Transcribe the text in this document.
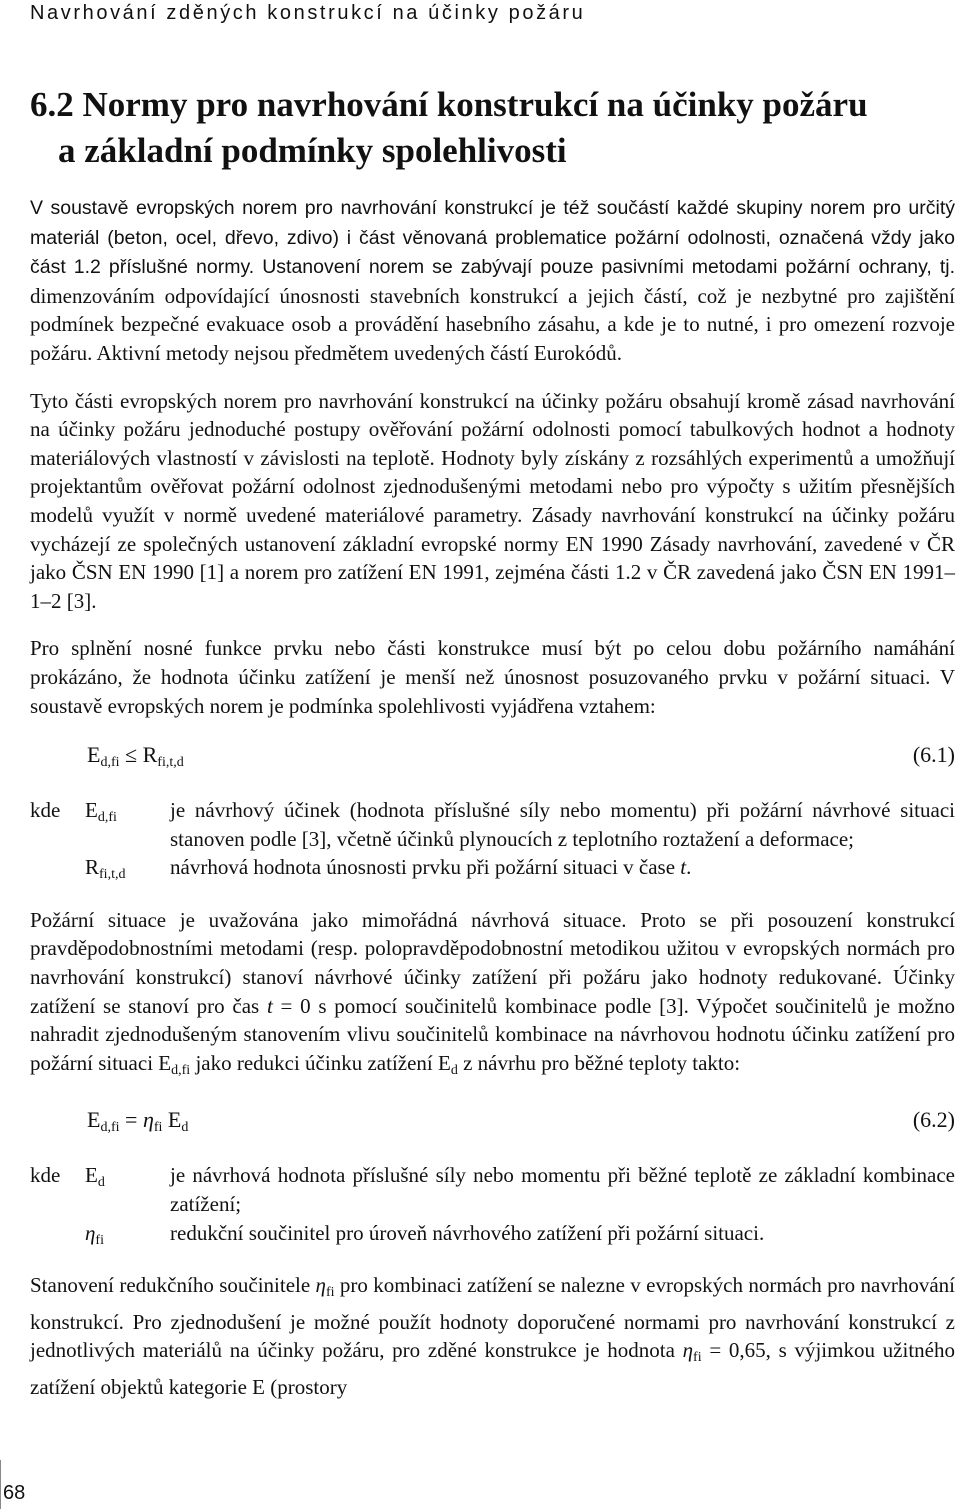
Navrhování zděných konstrukcí na účinky požáru
6.2 Normy pro navrhování konstrukcí na účinky požáru
a základní podmínky spolehlivosti

V soustavě evropských norem pro navrhování konstrukcí je též součástí každé skupiny norem pro určitý materiál (beton, ocel, dřevo, zdivo) i část věnovaná problematice požární odolnosti, označená vždy jako část 1.2 příslušné normy. Ustanovení norem se zabývají pouze pasivními metodami požární ochrany, tj. dimenzováním odpovídající únosnosti stavebních konstrukcí a jejich částí, což je nezbytné pro zajištění podmínek bezpečné evakuace osob a provádění hasebního zásahu, a kde je to nutné, i pro omezení rozvoje požáru. Aktivní metody nejsou předmětem uvedených částí Eurokódů.

Tyto části evropských norem pro navrhování konstrukcí na účinky požáru obsahují kromě zásad navrhování na účinky požáru jednoduché postupy ověřování požární odolnosti pomocí tabulkových hodnot a hodnoty materiálových vlastností v závislosti na teplotě. Hodnoty byly získány z rozsáhlých experimentů a umožňují projektantům ověřovat požární odolnost zjednodušenými metodami nebo pro výpočty s užitím přesnějších modelů využít v normě uvedené materiálové parametry. Zásady navrhování konstrukcí na účinky požáru vycházejí ze společných ustanovení základní evropské normy EN 1990 Zásady navrhování, zavedené v ČR jako ČSN EN 1990 [1] a norem pro zatížení EN 1991, zejména části 1.2 v ČR zavedená jako ČSN EN 1991–1–2 [3].

Pro splnění nosné funkce prvku nebo části konstrukce musí být po celou dobu požárního namáhání prokázáno, že hodnota účinku zatížení je menší než únosnost posuzovaného prvku v požární situaci. V soustavě evropských norem je podmínka spolehlivosti vyjádřena vztahem:

$E_{d,fi} \le R_{fi,t,d}$	(6.1)
kde	$E_{d,fi}$	je návrhový účinek (hodnota příslušné síly nebo momentu) při požární návrhové situaci stanoven podle [3], včetně účinků plynoucích z teplotního roztažení a deformace;
	$R_{fi,t,d}$	návrhová hodnota únosnosti prvku při požární situaci v čase t.

Požární situace je uvažována jako mimořádná návrhová situace. Proto se při posouzení konstrukcí pravděpodobnostními metodami (resp. polopravděpodobnostní metodikou užitou v evropských normách pro navrhování konstrukcí) stanoví návrhové účinky zatížení při požáru jako hodnoty redukované. Účinky zatížení se stanoví pro čas t = 0 s pomocí součinitelů kombinace podle [3]. Výpočet součinitelů je možno nahradit zjednodušeným stanovením vlivu součinitelů kombinace na návrhovou hodnotu účinku zatížení pro požární situaci $E_{d,fi}$ jako redukci účinku zatížení $E_d$ z návrhu pro běžné teploty takto:

$E_{d,fi} = \eta_{fi}$ $E_d$	(6.2)
kde	$E_d$	je návrhová hodnota příslušné síly nebo momentu při běžné teplotě ze základní kombinace zatížení;
	$\eta_{fi}$	redukční součinitel pro úroveň návrhového zatížení při požární situaci.

Stanovení redukčního součinitele $\eta_{fi}$ pro kombinaci zatížení se nalezne v evropských normách pro navrhování konstrukcí. Pro zjednodušení je možné použít hodnoty doporučené normami pro navrhování konstrukcí z jednotlivých materiálů na účinky požáru, pro zděné konstrukce je hodnota $\eta_{fi} = 0,65$, s výjimkou užitného zatížení objektů kategorie E (prostory

68
